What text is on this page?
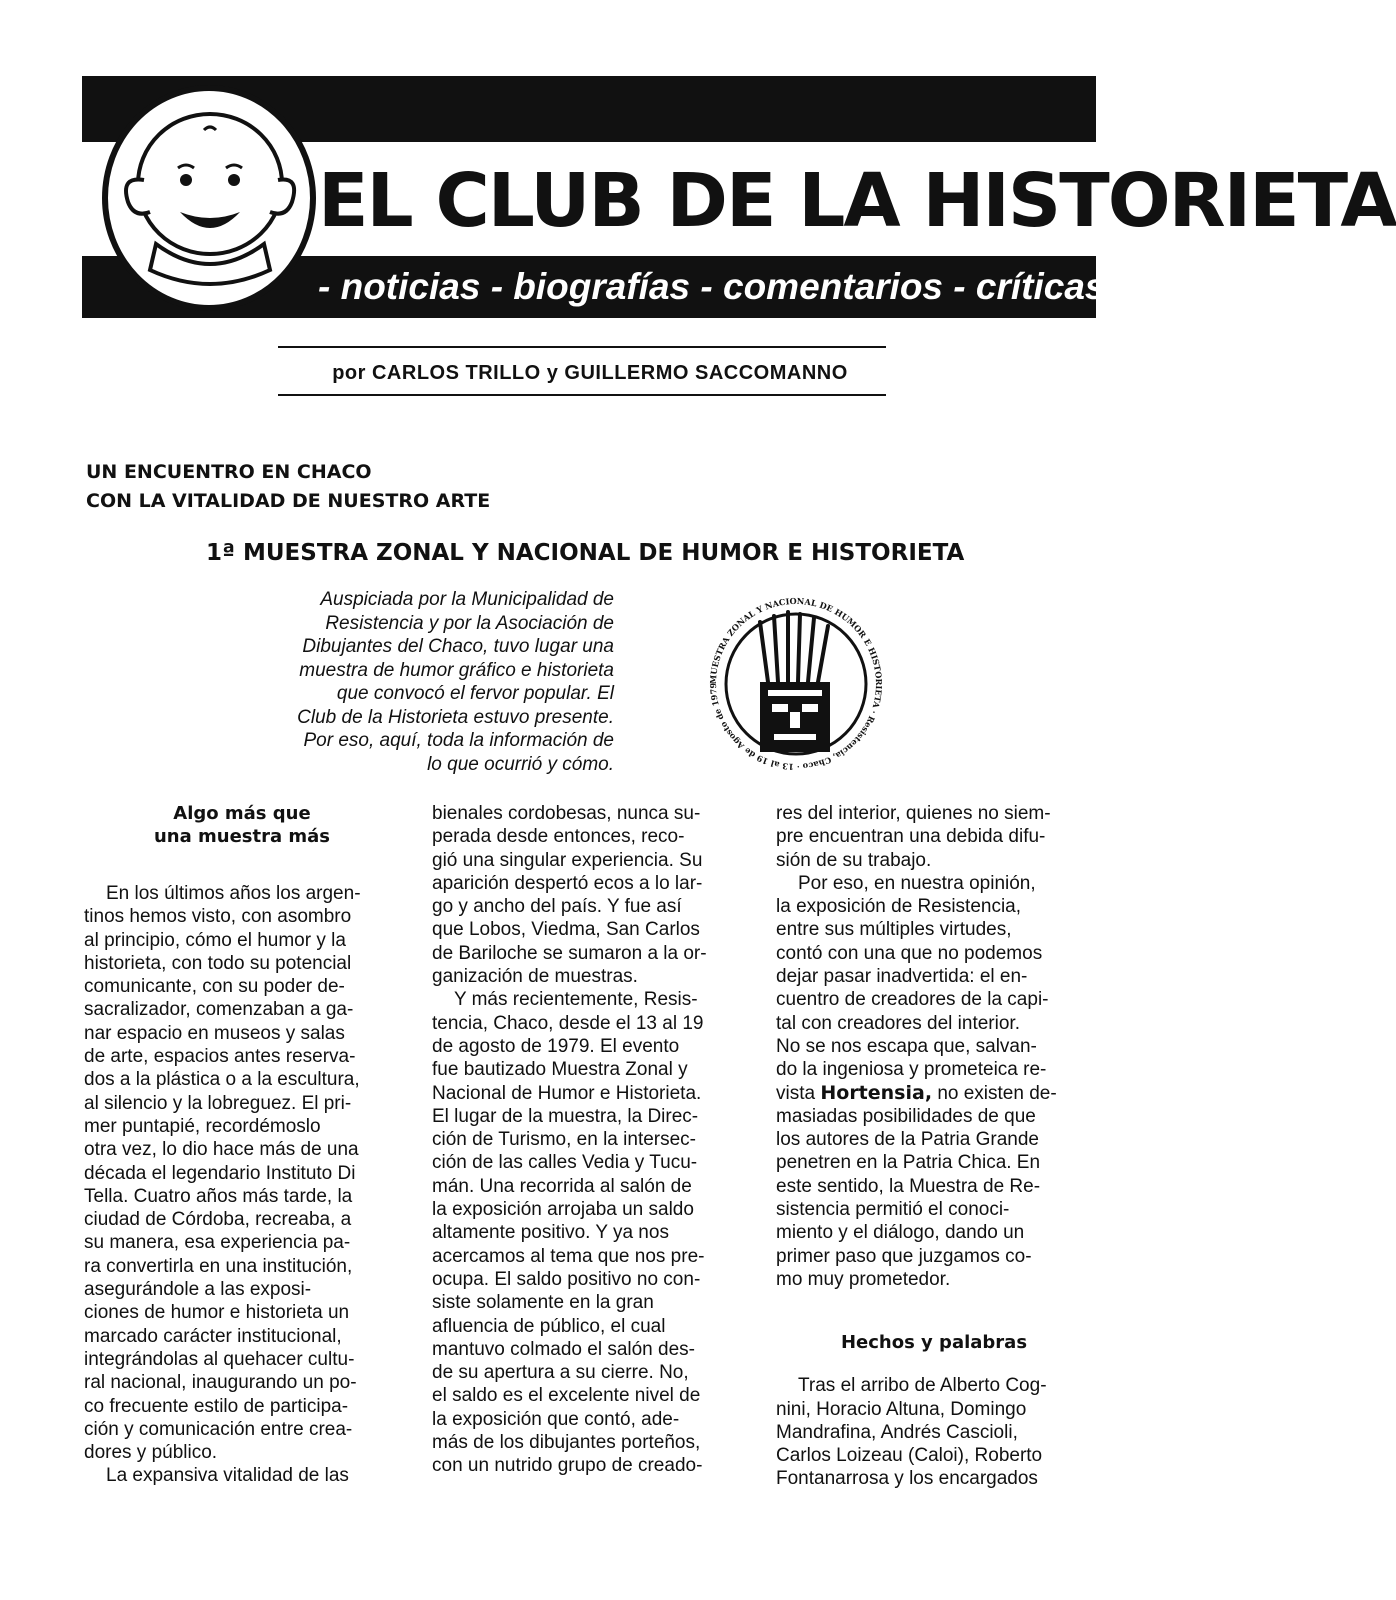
EL CLUB DE LA HISTORIETA
- noticias - biografías - comentarios - críticas -
por CARLOS TRILLO y GUILLERMO SACCOMANNO
UN ENCUENTRO EN CHACO
CON LA VITALIDAD DE NUESTRO ARTE
1ª MUESTRA ZONAL Y NACIONAL DE HUMOR E HISTORIETA
Auspiciada por la Municipalidad de
Resistencia y por la Asociación de
Dibujantes del Chaco, tuvo lugar una
muestra de humor gráfico e historieta
que convocó el fervor popular. El
Club de la Historieta estuvo presente.
Por eso, aquí, toda la información de
lo que ocurrió y cómo.
MUESTRA ZONAL Y NACIONAL DE HUMOR E HISTORIETA · Resistencia, Chaco · 13 al 19 de Agosto de 1979
Algo más que
una muestra más
En los últimos años los argen-
tinos hemos visto, con asombro
al principio, cómo el humor y la
historieta, con todo su potencial
comunicante, con su poder de-
sacralizador, comenzaban a ga-
nar espacio en museos y salas
de arte, espacios antes reserva-
dos a la plástica o a la escultura,
al silencio y la lobreguez. El pri-
mer puntapié, recordémoslo
otra vez, lo dio hace más de una
década el legendario Instituto Di
Tella. Cuatro años más tarde, la
ciudad de Córdoba, recreaba, a
su manera, esa experiencia pa-
ra convertirla en una institución,
asegurándole a las exposi-
ciones de humor e historieta un
marcado carácter institucional,
integrándolas al quehacer cultu-
ral nacional, inaugurando un po-
co frecuente estilo de participa-
ción y comunicación entre crea-
dores y público.
La expansiva vitalidad de las
bienales cordobesas, nunca su-
perada desde entonces, reco-
gió una singular experiencia. Su
aparición despertó ecos a lo lar-
go y ancho del país. Y fue así
que Lobos, Viedma, San Carlos
de Bariloche se sumaron a la or-
ganización de muestras.
Y más recientemente, Resis-
tencia, Chaco, desde el 13 al 19
de agosto de 1979. El evento
fue bautizado Muestra Zonal y
Nacional de Humor e Historieta.
El lugar de la muestra, la Direc-
ción de Turismo, en la intersec-
ción de las calles Vedia y Tucu-
mán. Una recorrida al salón de
la exposición arrojaba un saldo
altamente positivo. Y ya nos
acercamos al tema que nos pre-
ocupa. El saldo positivo no con-
siste solamente en la gran
afluencia de público, el cual
mantuvo colmado el salón des-
de su apertura a su cierre. No,
el saldo es el excelente nivel de
la exposición que contó, ade-
más de los dibujantes porteños,
con un nutrido grupo de creado-
res del interior, quienes no siem-
pre encuentran una debida difu-
sión de su trabajo.
Por eso, en nuestra opinión,
la exposición de Resistencia,
entre sus múltiples virtudes,
contó con una que no podemos
dejar pasar inadvertida: el en-
cuentro de creadores de la capi-
tal con creadores del interior.
No se nos escapa que, salvan-
do la ingeniosa y prometeica re-
vista Hortensia, no existen de-
masiadas posibilidades de que
los autores de la Patria Grande
penetren en la Patria Chica. En
este sentido, la Muestra de Re-
sistencia permitió el conoci-
miento y el diálogo, dando un
primer paso que juzgamos co-
mo muy prometedor.
Hechos y palabras
Tras el arribo de Alberto Cog-
nini, Horacio Altuna, Domingo
Mandrafina, Andrés Cascioli,
Carlos Loizeau (Caloi), Roberto
Fontanarrosa y los encargados
